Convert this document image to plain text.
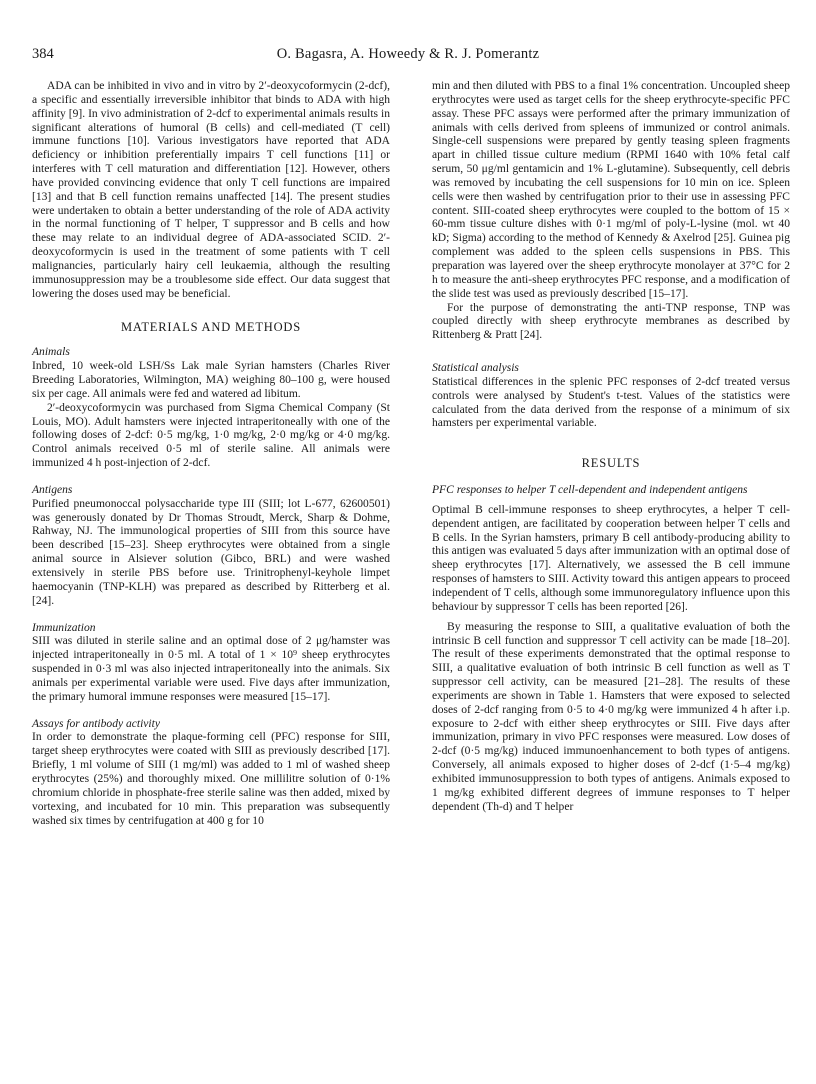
384	O. Bagasra, A. Howeedy & R. J. Pomerantz

ADA can be inhibited in vivo and in vitro by 2′-deoxycoformycin (2-dcf), a specific and essentially irreversible inhibitor that binds to ADA with high affinity [9]. In vivo administration of 2-dcf to experimental animals results in significant alterations of humoral (B cells) and cell-mediated (T cell) immune functions [10]. Various investigators have reported that ADA deficiency or inhibition preferentially impairs T cell functions [11] or interferes with T cell maturation and differentiation [12]. However, others have provided convincing evidence that only T cell functions are impaired [13] and that B cell function remains unaffected [14]. The present studies were undertaken to obtain a better understanding of the role of ADA activity in the normal functioning of T helper, T suppressor and B cells and how these may relate to an individual degree of ADA-associated SCID. 2′-deoxycoformycin is used in the treatment of some patients with T cell malignancies, particularly hairy cell leukaemia, although the resulting immunosuppression may be a troublesome side effect. Our data suggest that lowering the doses used may be beneficial.

MATERIALS AND METHODS

Animals

Inbred, 10 week-old LSH/Ss Lak male Syrian hamsters (Charles River Breeding Laboratories, Wilmington, MA) weighing 80–100 g, were housed six per cage. All animals were fed and watered ad libitum.

2′-deoxycoformycin was purchased from Sigma Chemical Company (St Louis, MO). Adult hamsters were injected intraperitoneally with one of the following doses of 2-dcf: 0·5 mg/kg, 1·0 mg/kg, 2·0 mg/kg or 4·0 mg/kg. Control animals received 0·5 ml of sterile saline. All animals were immunized 4 h post-injection of 2-dcf.

Antigens

Purified pneumonoccal polysaccharide type III (SIII; lot L-677, 62600501) was generously donated by Dr Thomas Stroudt, Merck, Sharp & Dohme, Rahway, NJ. The immunological properties of SIII from this source have been described [15–23]. Sheep erythrocytes were obtained from a single animal source in Alsiever solution (Gibco, BRL) and were washed extensively in sterile PBS before use. Trinitrophenyl-keyhole limpet haemocyanin (TNP-KLH) was prepared as described by Ritterberg et al. [24].

Immunization

SIII was diluted in sterile saline and an optimal dose of 2 μg/hamster was injected intraperitoneally in 0·5 ml. A total of 1 × 10⁹ sheep erythrocytes suspended in 0·3 ml was also injected intraperitoneally into the animals. Six animals per experimental variable were used. Five days after immunization, the primary humoral immune responses were measured [15–17].

Assays for antibody activity

In order to demonstrate the plaque-forming cell (PFC) response for SIII, target sheep erythrocytes were coated with SIII as previously described [17]. Briefly, 1 ml volume of SIII (1 mg/ml) was added to 1 ml of washed sheep erythrocytes (25%) and thoroughly mixed. One millilitre solution of 0·1% chromium chloride in phosphate-free sterile saline was then added, mixed by vortexing, and incubated for 10 min. This preparation was subsequently washed six times by centrifugation at 400 g for 10

min and then diluted with PBS to a final 1% concentration. Uncoupled sheep erythrocytes were used as target cells for the sheep erythrocyte-specific PFC assay. These PFC assays were performed after the primary immunization of animals with cells derived from spleens of immunized or control animals. Single-cell suspensions were prepared by gently teasing spleen fragments apart in chilled tissue culture medium (RPMI 1640 with 10% fetal calf serum, 50 μg/ml gentamicin and 1% L-glutamine). Subsequently, cell debris was removed by incubating the cell suspensions for 10 min on ice. Spleen cells were then washed by centrifugation prior to their use in assessing PFC content. SIII-coated sheep erythrocytes were coupled to the bottom of 15 × 60-mm tissue culture dishes with 0·1 mg/ml of poly-L-lysine (mol. wt 40 kD; Sigma) according to the method of Kennedy & Axelrod [25]. Guinea pig complement was added to the spleen cells suspensions in PBS. This preparation was layered over the sheep erythrocyte monolayer at 37°C for 2 h to measure the anti-sheep erythrocytes PFC response, and a modification of the slide test was used as previously described [15–17].

For the purpose of demonstrating the anti-TNP response, TNP was coupled directly with sheep erythrocyte membranes as described by Rittenberg & Pratt [24].

Statistical analysis

Statistical differences in the splenic PFC responses of 2-dcf treated versus controls were analysed by Student's t-test. Values of the statistics were calculated from the data derived from the response of a minimum of six hamsters per experimental variable.

RESULTS

PFC responses to helper T cell-dependent and independent antigens

Optimal B cell-immune responses to sheep erythrocytes, a helper T cell-dependent antigen, are facilitated by cooperation between helper T cells and B cells. In the Syrian hamsters, primary B cell antibody-producing ability to this antigen was evaluated 5 days after immunization with an optimal dose of sheep erythrocytes [17]. Alternatively, we assessed the B cell immune responses of hamsters to SIII. Activity toward this antigen appears to proceed independent of T cells, although some immunoregulatory influence upon this behaviour by suppressor T cells has been reported [26].

By measuring the response to SIII, a qualitative evaluation of both the intrinsic B cell function and suppressor T cell activity can be made [18–20]. The result of these experiments demonstrated that the optimal response to SIII, a qualitative evaluation of both intrinsic B cell function as well as T suppressor cell activity, can be measured [21–28]. The results of these experiments are shown in Table 1. Hamsters that were exposed to selected doses of 2-dcf ranging from 0·5 to 4·0 mg/kg were immunized 4 h after i.p. exposure to 2-dcf with either sheep erythrocytes or SIII. Five days after immunization, primary in vivo PFC responses were measured. Low doses of 2-dcf (0·5 mg/kg) induced immunoenhancement to both types of antigens. Conversely, all animals exposed to higher doses of 2-dcf (1·5–4 mg/kg) exhibited immunosuppression to both types of antigens. Animals exposed to 1 mg/kg exhibited different degrees of immune responses to T helper dependent (Th-d) and T helper
